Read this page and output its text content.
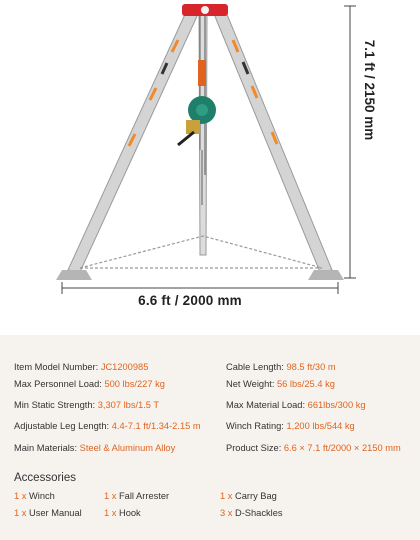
6.6 ft / 2000 mm
7.1 ft / 2150 mm
Item Model Number: JC1200985
Max Personnel Load: 500 lbs/227 kg
Min Static Strength: 3,307 lbs/1.5 T
Adjustable Leg Length: 4.4-7.1 ft/1.34-2.15 m
Main Materials: Steel & Aluminum Alloy
Cable Length: 98.5 ft/30 m
Net Weight: 56 lbs/25.4 kg
Max Material Load: 661lbs/300 kg
Winch Rating: 1,200 lbs/544 kg
Product Size: 6.6 × 7.1 ft/2000 × 2150 mm
Accessories
1 x Winch	1 x Fall Arrester	1 x Carry Bag
1 x User Manual 1 x Hook	3 x D-Shackles
